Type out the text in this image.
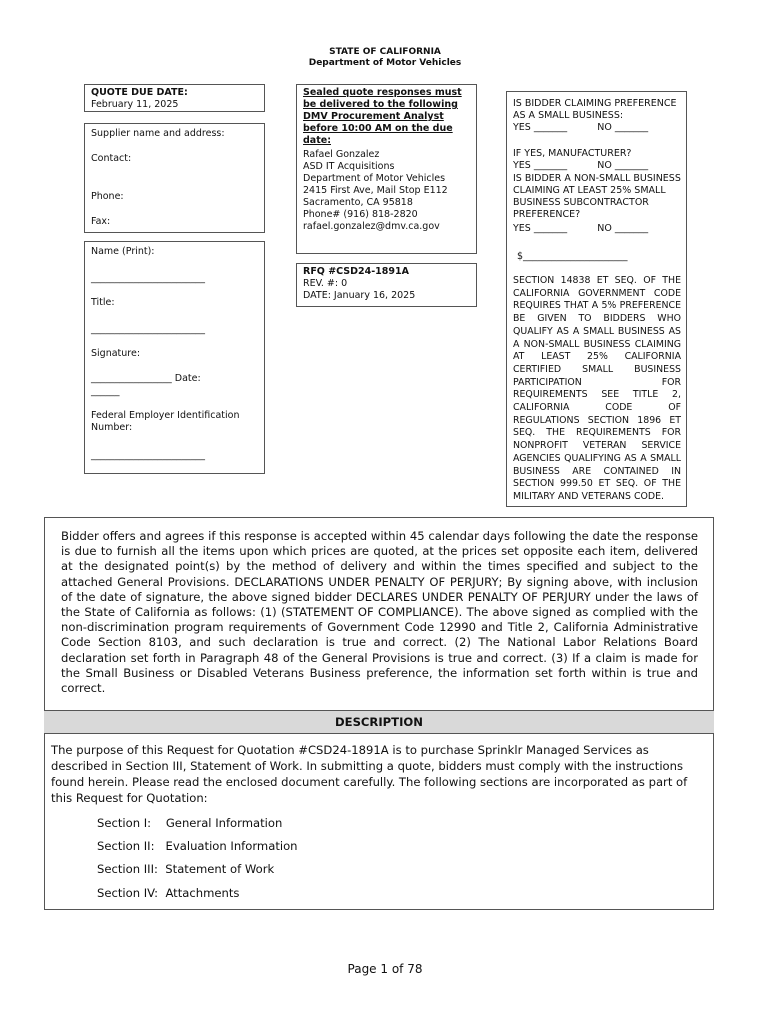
STATE OF CALIFORNIA
Department of Motor Vehicles
QUOTE DUE DATE:
February 11, 2025
Supplier name and address:
Contact:
Phone:
Fax:
Name (Print):
________________________
Title:
________________________
Signature:
_________________ Date:
______
Federal Employer Identification Number:
________________________
Sealed quote responses must be delivered to the following DMV Procurement Analyst before 10:00 AM on the due date:
Rafael Gonzalez
ASD IT Acquisitions
Department of Motor Vehicles
2415 First Ave, Mail Stop E112
Sacramento, CA 95818
Phone# (916) 818-2820
rafael.gonzalez@dmv.ca.gov
RFQ #CSD24-1891A
REV. #: 0
DATE: January 16, 2025
IS BIDDER CLAIMING PREFERENCE AS A SMALL BUSINESS:
YES _______          NO _______
IF YES, MANUFACTURER?
YES _______          NO _______
IS BIDDER A NON-SMALL BUSINESS CLAIMING AT LEAST 25% SMALL BUSINESS SUBCONTRACTOR PREFERENCE?
YES _______          NO _______
$______________________
SECTION 14838 ET SEQ. OF THE CALIFORNIA GOVERNMENT CODE REQUIRES THAT A 5% PREFERENCE BE GIVEN TO BIDDERS WHO QUALIFY AS A SMALL BUSINESS AS A NON-SMALL BUSINESS CLAIMING AT LEAST 25% CALIFORNIA CERTIFIED SMALL BUSINESS PARTICIPATION FOR REQUIREMENTS SEE TITLE 2, CALIFORNIA CODE OF REGULATIONS SECTION 1896 ET SEQ. THE REQUIREMENTS FOR NONPROFIT VETERAN SERVICE AGENCIES QUALIFYING AS A SMALL BUSINESS ARE CONTAINED IN SECTION 999.50 ET SEQ. OF THE MILITARY AND VETERANS CODE.
Bidder offers and agrees if this response is accepted within 45 calendar days following the date the response is due to furnish all the items upon which prices are quoted, at the prices set opposite each item, delivered at the designated point(s) by the method of delivery and within the times specified and subject to the attached General Provisions. DECLARATIONS UNDER PENALTY OF PERJURY; By signing above, with inclusion of the date of signature, the above signed bidder DECLARES UNDER PENALTY OF PERJURY under the laws of the State of California as follows: (1) (STATEMENT OF COMPLIANCE). The above signed as complied with the non-discrimination program requirements of Government Code 12990 and Title 2, California Administrative Code Section 8103, and such declaration is true and correct. (2) The National Labor Relations Board declaration set forth in Paragraph 48 of the General Provisions is true and correct. (3) If a claim is made for the Small Business or Disabled Veterans Business preference, the information set forth within is true and correct.
DESCRIPTION
The purpose of this Request for Quotation #CSD24-1891A is to purchase Sprinklr Managed Services as described in Section III, Statement of Work. In submitting a quote, bidders must comply with the instructions found herein. Please read the enclosed document carefully. The following sections are incorporated as part of this Request for Quotation:
Section I:    General Information
Section II:   Evaluation Information
Section III:  Statement of Work
Section IV:  Attachments
Page 1 of 78
